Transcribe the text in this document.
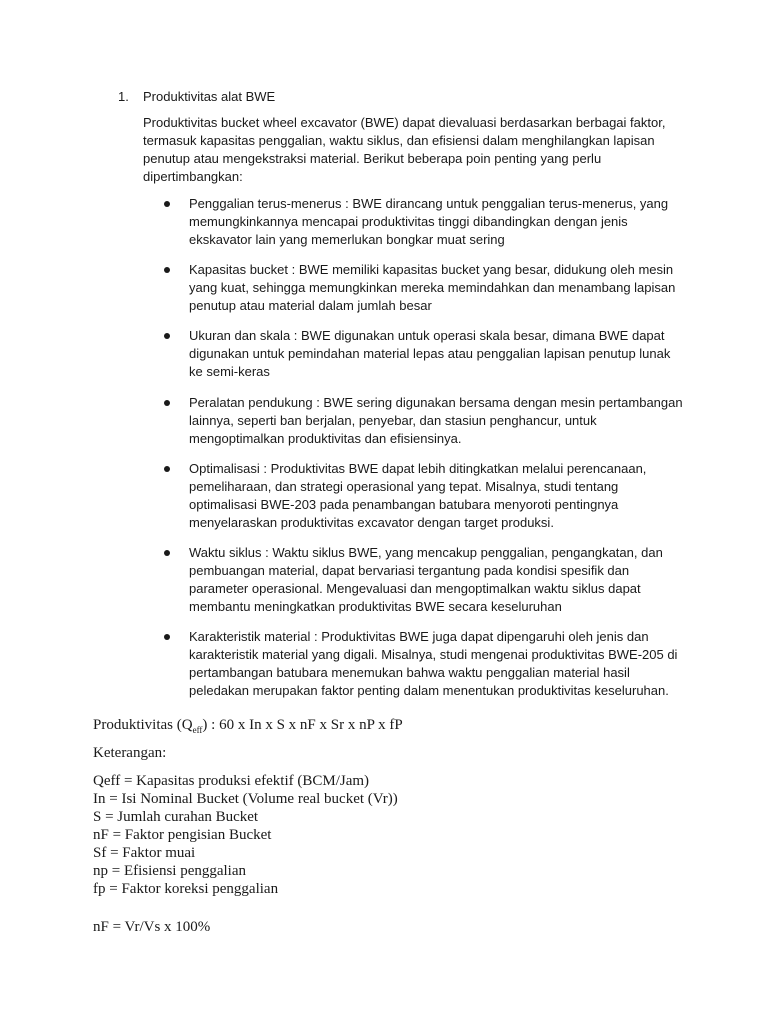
1. Produktivitas alat BWE

Produktivitas bucket wheel excavator (BWE) dapat dievaluasi berdasarkan berbagai faktor, termasuk kapasitas penggalian, waktu siklus, dan efisiensi dalam menghilangkan lapisan penutup atau mengekstraksi material. Berikut beberapa poin penting yang perlu dipertimbangkan:

Penggalian terus-menerus : BWE dirancang untuk penggalian terus-menerus, yang memungkinkannya mencapai produktivitas tinggi dibandingkan dengan jenis ekskavator lain yang memerlukan bongkar muat sering
Kapasitas bucket : BWE memiliki kapasitas bucket yang besar, didukung oleh mesin yang kuat, sehingga memungkinkan mereka memindahkan dan menambang lapisan penutup atau material dalam jumlah besar
Ukuran dan skala : BWE digunakan untuk operasi skala besar, dimana BWE dapat digunakan untuk pemindahan material lepas atau penggalian lapisan penutup lunak ke semi-keras
Peralatan pendukung : BWE sering digunakan bersama dengan mesin pertambangan lainnya, seperti ban berjalan, penyebar, dan stasiun penghancur, untuk mengoptimalkan produktivitas dan efisiensinya.
Optimalisasi : Produktivitas BWE dapat lebih ditingkatkan melalui perencanaan, pemeliharaan, dan strategi operasional yang tepat. Misalnya, studi tentang optimalisasi BWE-203 pada penambangan batubara menyoroti pentingnya menyelaraskan produktivitas excavator dengan target produksi.
Waktu siklus : Waktu siklus BWE, yang mencakup penggalian, pengangkatan, dan pembuangan material, dapat bervariasi tergantung pada kondisi spesifik dan parameter operasional. Mengevaluasi dan mengoptimalkan waktu siklus dapat membantu meningkatkan produktivitas BWE secara keseluruhan
Karakteristik material : Produktivitas BWE juga dapat dipengaruhi oleh jenis dan karakteristik material yang digali. Misalnya, studi mengenai produktivitas BWE-205 di pertambangan batubara menemukan bahwa waktu penggalian material hasil peledakan merupakan faktor penting dalam menentukan produktivitas keseluruhan.
Produktivitas $(Q_{eff})$ : 60 x In x S x nF x Sr x nP x fP
Keterangan:
Qeff = Kapasitas produksi efektif (BCM/Jam)
In = Isi Nominal Bucket (Volume real bucket (Vr))
S = Jumlah curahan Bucket
nF = Faktor pengisian Bucket
Sf = Faktor muai
np = Efisiensi penggalian
fp = Faktor koreksi penggalian
nF = Vr/Vs x 100%
